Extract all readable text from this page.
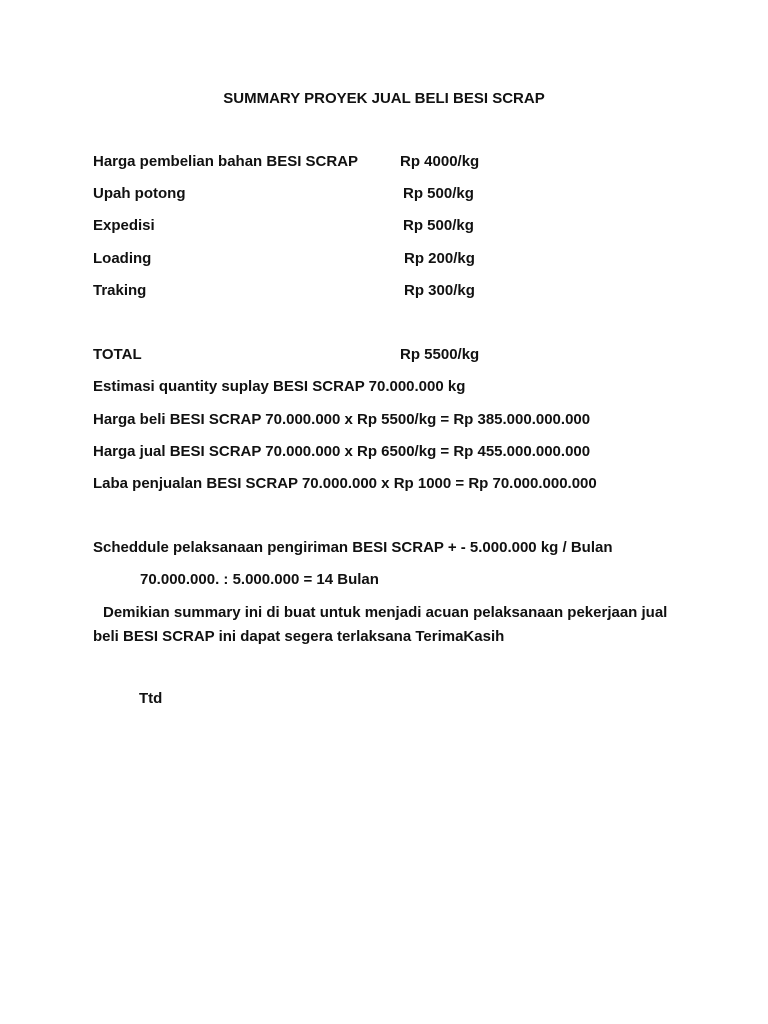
SUMMARY PROYEK JUAL BELI BESI SCRAP
Harga pembelian bahan BESI SCRAP	Rp 4000/kg
Upah potong	Rp 500/kg
Expedisi	Rp 500/kg
Loading	Rp 200/kg
Traking	Rp 300/kg
TOTAL	Rp 5500/kg
Estimasi quantity suplay BESI SCRAP 70.000.000 kg
Harga beli BESI SCRAP 70.000.000 x Rp 5500/kg = Rp 385.000.000.000
Harga jual BESI SCRAP 70.000.000 x Rp 6500/kg = Rp 455.000.000.000
Laba penjualan BESI SCRAP 70.000.000 x Rp 1000 = Rp 70.000.000.000
Scheddule pelaksanaan pengiriman BESI SCRAP + - 5.000.000 kg / Bulan
70.000.000. : 5.000.000 = 14 Bulan
Demikian summary ini di buat untuk menjadi acuan pelaksanaan pekerjaan jual beli BESI SCRAP ini dapat segera terlaksana TerimaKasih
Ttd
